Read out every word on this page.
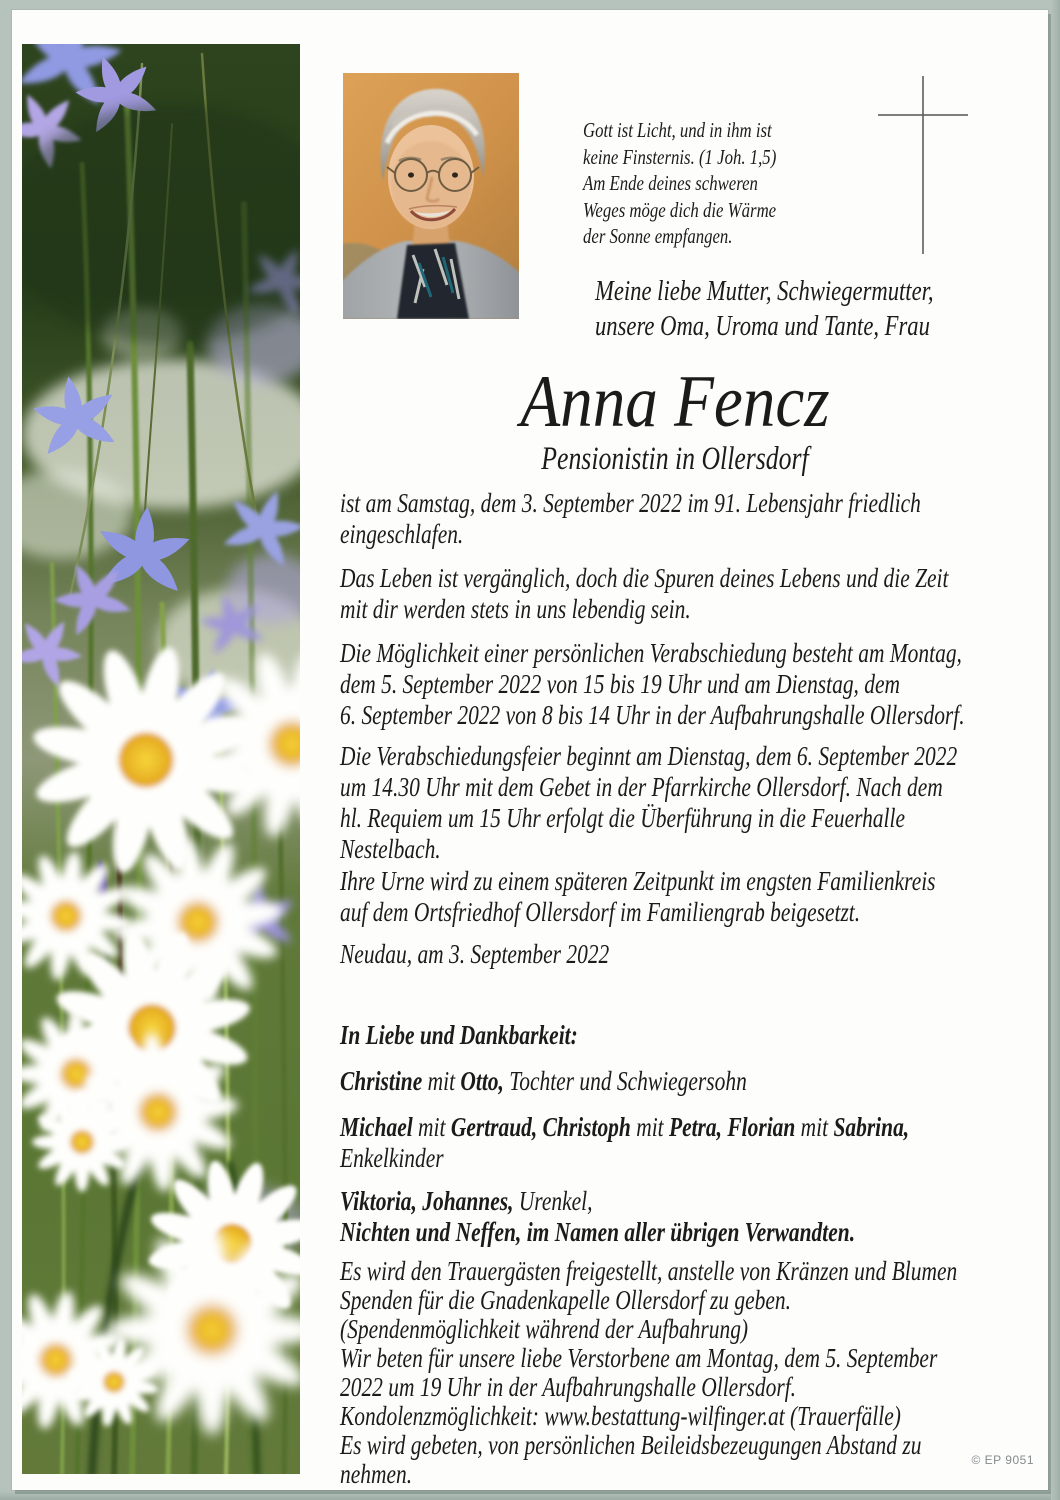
Gott ist Licht, und in ihm ist
keine Finsternis. (1 Joh. 1,5)
Am Ende deines schweren
Weges möge dich die Wärme
der Sonne empfangen.
Meine liebe Mutter, Schwiegermutter,
unsere Oma, Uroma und Tante, Frau
Anna Fencz
Pensionistin in Ollersdorf
ist am Samstag, dem 3. September 2022 im 91. Lebensjahr friedlich
eingeschlafen.
Das Leben ist vergänglich, doch die Spuren deines Lebens und die Zeit
mit dir werden stets in uns lebendig sein.
Die Möglichkeit einer persönlichen Verabschiedung besteht am Montag,
dem 5. September 2022 von 15 bis 19 Uhr und am Dienstag, dem
6. September 2022 von 8 bis 14 Uhr in der Aufbahrungshalle Ollersdorf.
Die Verabschiedungsfeier beginnt am Dienstag, dem 6. September 2022
um 14.30 Uhr mit dem Gebet in der Pfarrkirche Ollersdorf. Nach dem
hl. Requiem um 15 Uhr erfolgt die Überführung in die Feuerhalle
Nestelbach.
Ihre Urne wird zu einem späteren Zeitpunkt im engsten Familienkreis
auf dem Ortsfriedhof Ollersdorf im Familiengrab beigesetzt.
Neudau, am 3. September 2022
In Liebe und Dankbarkeit:
Christine mit Otto, Tochter und Schwiegersohn
Michael mit Gertraud, Christoph mit Petra, Florian mit Sabrina,
Enkelkinder
Viktoria, Johannes, Urenkel,
Nichten und Neffen, im Namen aller übrigen Verwandten.
Es wird den Trauergästen freigestellt, anstelle von Kränzen und Blumen
Spenden für die Gnadenkapelle Ollersdorf zu geben.
(Spendenmöglichkeit während der Aufbahrung)
Wir beten für unsere liebe Verstorbene am Montag, dem 5. September
2022 um 19 Uhr in der Aufbahrungshalle Ollersdorf.
Kondolenzmöglichkeit: www.bestattung-wilfinger.at (Trauerfälle)
Es wird gebeten, von persönlichen Beileidsbezeugungen Abstand zu
nehmen.	© EP 9051
